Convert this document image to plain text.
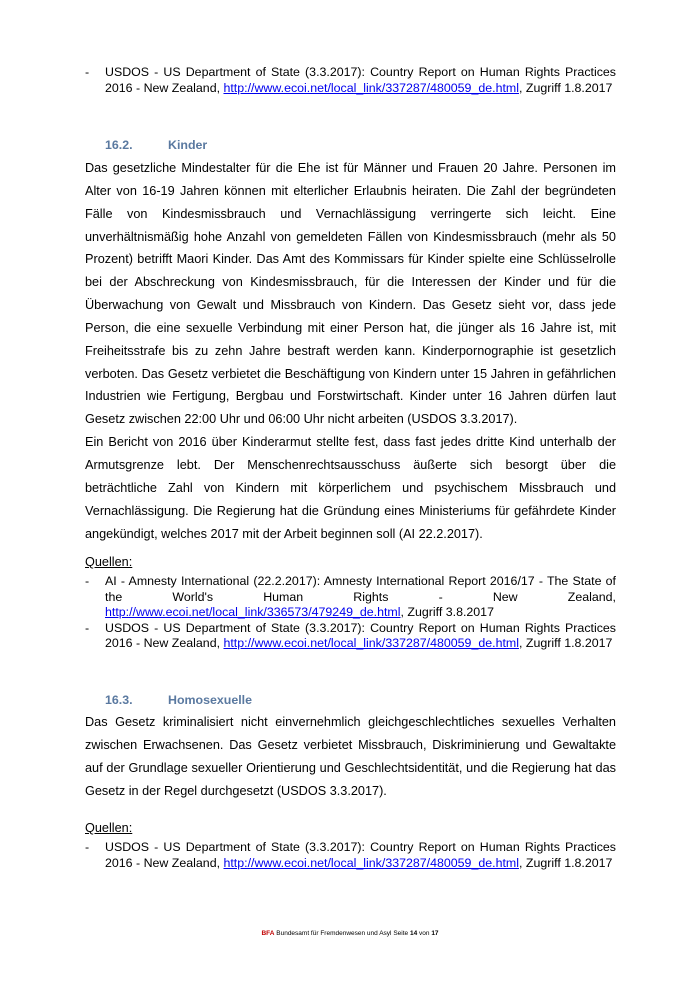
- USDOS - US Department of State (3.3.2017): Country Report on Human Rights Practices 2016 - New Zealand, http://www.ecoi.net/local_link/337287/480059_de.html, Zugriff 1.8.2017
16.2.	Kinder

Das gesetzliche Mindestalter für die Ehe ist für Männer und Frauen 20 Jahre. Personen im Alter von 16-19 Jahren können mit elterlicher Erlaubnis heiraten. Die Zahl der begründeten Fälle von Kindesmissbrauch und Vernachlässigung verringerte sich leicht. Eine unverhältnismäßig hohe Anzahl von gemeldeten Fällen von Kindesmissbrauch (mehr als 50 Prozent) betrifft Maori Kinder. Das Amt des Kommissars für Kinder spielte eine Schlüsselrolle bei der Abschreckung von Kindesmissbrauch, für die Interessen der Kinder und für die Überwachung von Gewalt und Missbrauch von Kindern. Das Gesetz sieht vor, dass jede Person, die eine sexuelle Verbindung mit einer Person hat, die jünger als 16 Jahre ist, mit Freiheitsstrafe bis zu zehn Jahre bestraft werden kann. Kinderpornographie ist gesetzlich verboten. Das Gesetz verbietet die Beschäftigung von Kindern unter 15 Jahren in gefährlichen Industrien wie Fertigung, Bergbau und Forstwirtschaft. Kinder unter 16 Jahren dürfen laut Gesetz zwischen 22:00 Uhr und 06:00 Uhr nicht arbeiten (USDOS 3.3.2017).

Ein Bericht von 2016 über Kinderarmut stellte fest, dass fast jedes dritte Kind unterhalb der Armutsgrenze lebt. Der Menschenrechtsausschuss äußerte sich besorgt über die beträchtliche Zahl von Kindern mit körperlichem und psychischem Missbrauch und Vernachlässigung. Die Regierung hat die Gründung eines Ministeriums für gefährdete Kinder angekündigt, welches 2017 mit der Arbeit beginnen soll (AI 22.2.2017).

Quellen:
- AI - Amnesty International (22.2.2017): Amnesty International Report 2016/17 - The State of the World's Human Rights - New Zealand, http://www.ecoi.net/local_link/336573/479249_de.html, Zugriff 3.8.2017
- USDOS - US Department of State (3.3.2017): Country Report on Human Rights Practices 2016 - New Zealand, http://www.ecoi.net/local_link/337287/480059_de.html, Zugriff 1.8.2017
16.3.	Homosexuelle

Das Gesetz kriminalisiert nicht einvernehmlich gleichgeschlechtliches sexuelles Verhalten zwischen Erwachsenen. Das Gesetz verbietet Missbrauch, Diskriminierung und Gewaltakte auf der Grundlage sexueller Orientierung und Geschlechtsidentität, und die Regierung hat das Gesetz in der Regel durchgesetzt (USDOS 3.3.2017).

Quellen:
- USDOS - US Department of State (3.3.2017): Country Report on Human Rights Practices 2016 - New Zealand, http://www.ecoi.net/local_link/337287/480059_de.html, Zugriff 1.8.2017
BFA Bundesamt für Fremdenwesen und Asyl Seite 14 von 17
